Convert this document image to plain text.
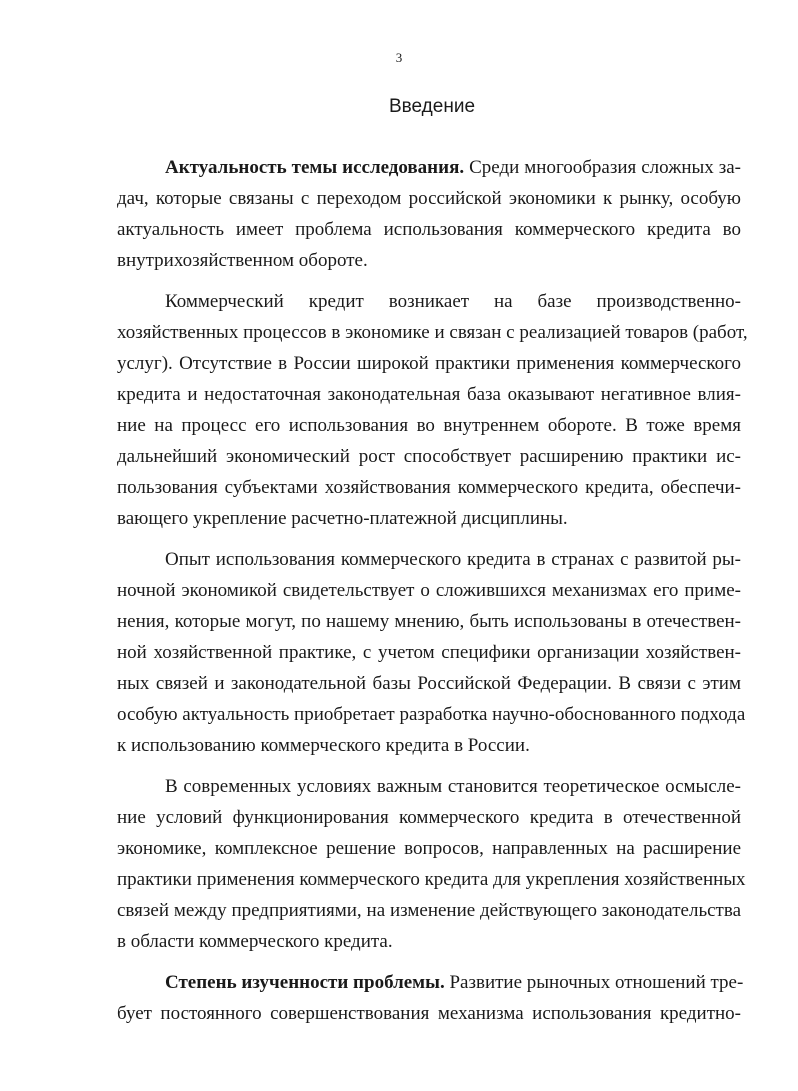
3
Введение
Актуальность темы исследования. Среди многообразия сложных за-
дач, которые связаны с переходом российской экономики к рынку, особую
актуальность имеет проблема использования коммерческого кредита во
внутрихозяйственном обороте.
Коммерческий кредит возникает на базе производственно-
хозяйственных процессов в экономике и связан с реализацией товаров (работ,
услуг). Отсутствие в России широкой практики применения коммерческого
кредита и недостаточная законодательная база оказывают негативное влия-
ние на процесс его использования во внутреннем обороте. В тоже время
дальнейший экономический рост способствует расширению практики ис-
пользования субъектами хозяйствования коммерческого кредита, обеспечи-
вающего укрепление расчетно-платежной дисциплины.
Опыт использования коммерческого кредита в странах с развитой ры-
ночной экономикой свидетельствует о сложившихся механизмах его приме-
нения, которые могут, по нашему мнению, быть использованы в отечествен-
ной хозяйственной практике, с учетом специфики организации хозяйствен-
ных связей и законодательной базы Российской Федерации. В связи с этим
особую актуальность приобретает разработка научно-обоснованного подхода
к использованию коммерческого кредита в России.
В современных условиях важным становится теоретическое осмысле-
ние условий функционирования коммерческого кредита в отечественной
экономике, комплексное решение вопросов, направленных на расширение
практики применения коммерческого кредита для укрепления хозяйственных
связей между предприятиями, на изменение действующего законодательства
в области коммерческого кредита.
Степень изученности проблемы. Развитие рыночных отношений тре-
бует постоянного совершенствования механизма использования кредитно-
